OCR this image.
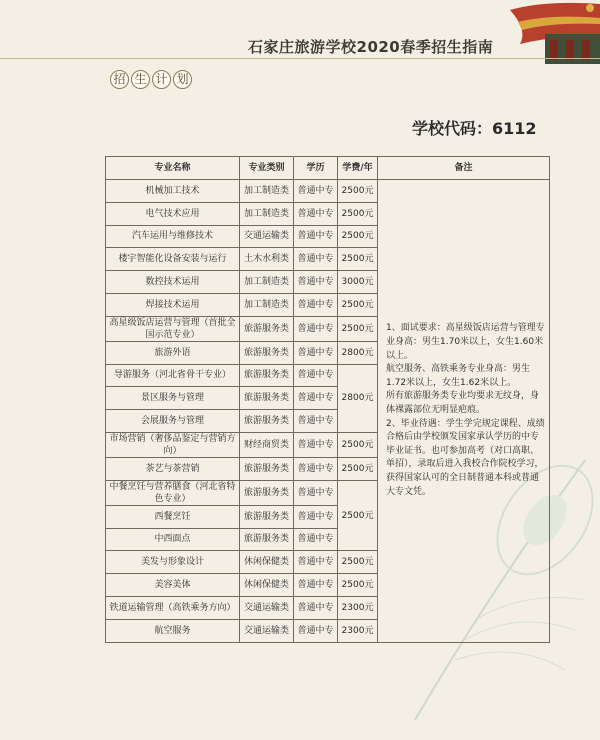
石家庄旅游学校2020春季招生指南
招 生 计 划
学校代码：6112
专业名称	专业类别	学历	学费/年	备注
机械加工技术	加工制造类	普通中专	2500元	1、面试要求：高星级饭店运营与管理专业身高：男生1.70米以上，女生1.60米以上。
航空服务、高铁乘务专业身高：男生1.72米以上，女生1.62米以上。
所有旅游服务类专业均要求无纹身，身体裸露部位无明显疤痕。
2、毕业待遇：学生学完规定课程、成绩合格后由学校颁发国家承认学历的中专毕业证书。也可参加高考（对口高职、单招），录取后进入我校合作院校学习，获得国家认可的全日制普通本科或普通大专文凭。

电气技术应用	加工制造类	普通中专	2500元	
汽车运用与维修技术	交通运输类	普通中专	2500元	
楼宇智能化设备安装与运行	土木水利类	普通中专	2500元	
数控技术运用	加工制造类	普通中专	3000元	
焊接技术运用	加工制造类	普通中专	2500元	
高星级饭店运营与管理（首批全国示范专业）	旅游服务类	普通中专	2500元	
旅游外语	旅游服务类	普通中专	2800元	
导游服务（河北省骨干专业）	旅游服务类	普通中专	2800元	
景区服务与管理	旅游服务类	普通中专		
会展服务与管理	旅游服务类	普通中专		
市场营销（奢侈品鉴定与营销方向）	财经商贸类	普通中专	2500元	
茶艺与茶营销	旅游服务类	普通中专	2500元	
中餐烹饪与营养膳食（河北省特色专业）	旅游服务类	普通中专	2500元	
西餐烹饪	旅游服务类	普通中专		
中西面点	旅游服务类	普通中专		
美发与形象设计	休闲保健类	普通中专	2500元	
美容美体	休闲保健类	普通中专	2500元	
铁道运输管理（高铁乘务方向）	交通运输类	普通中专	2300元	
航空服务	交通运输类	普通中专	2300元	
